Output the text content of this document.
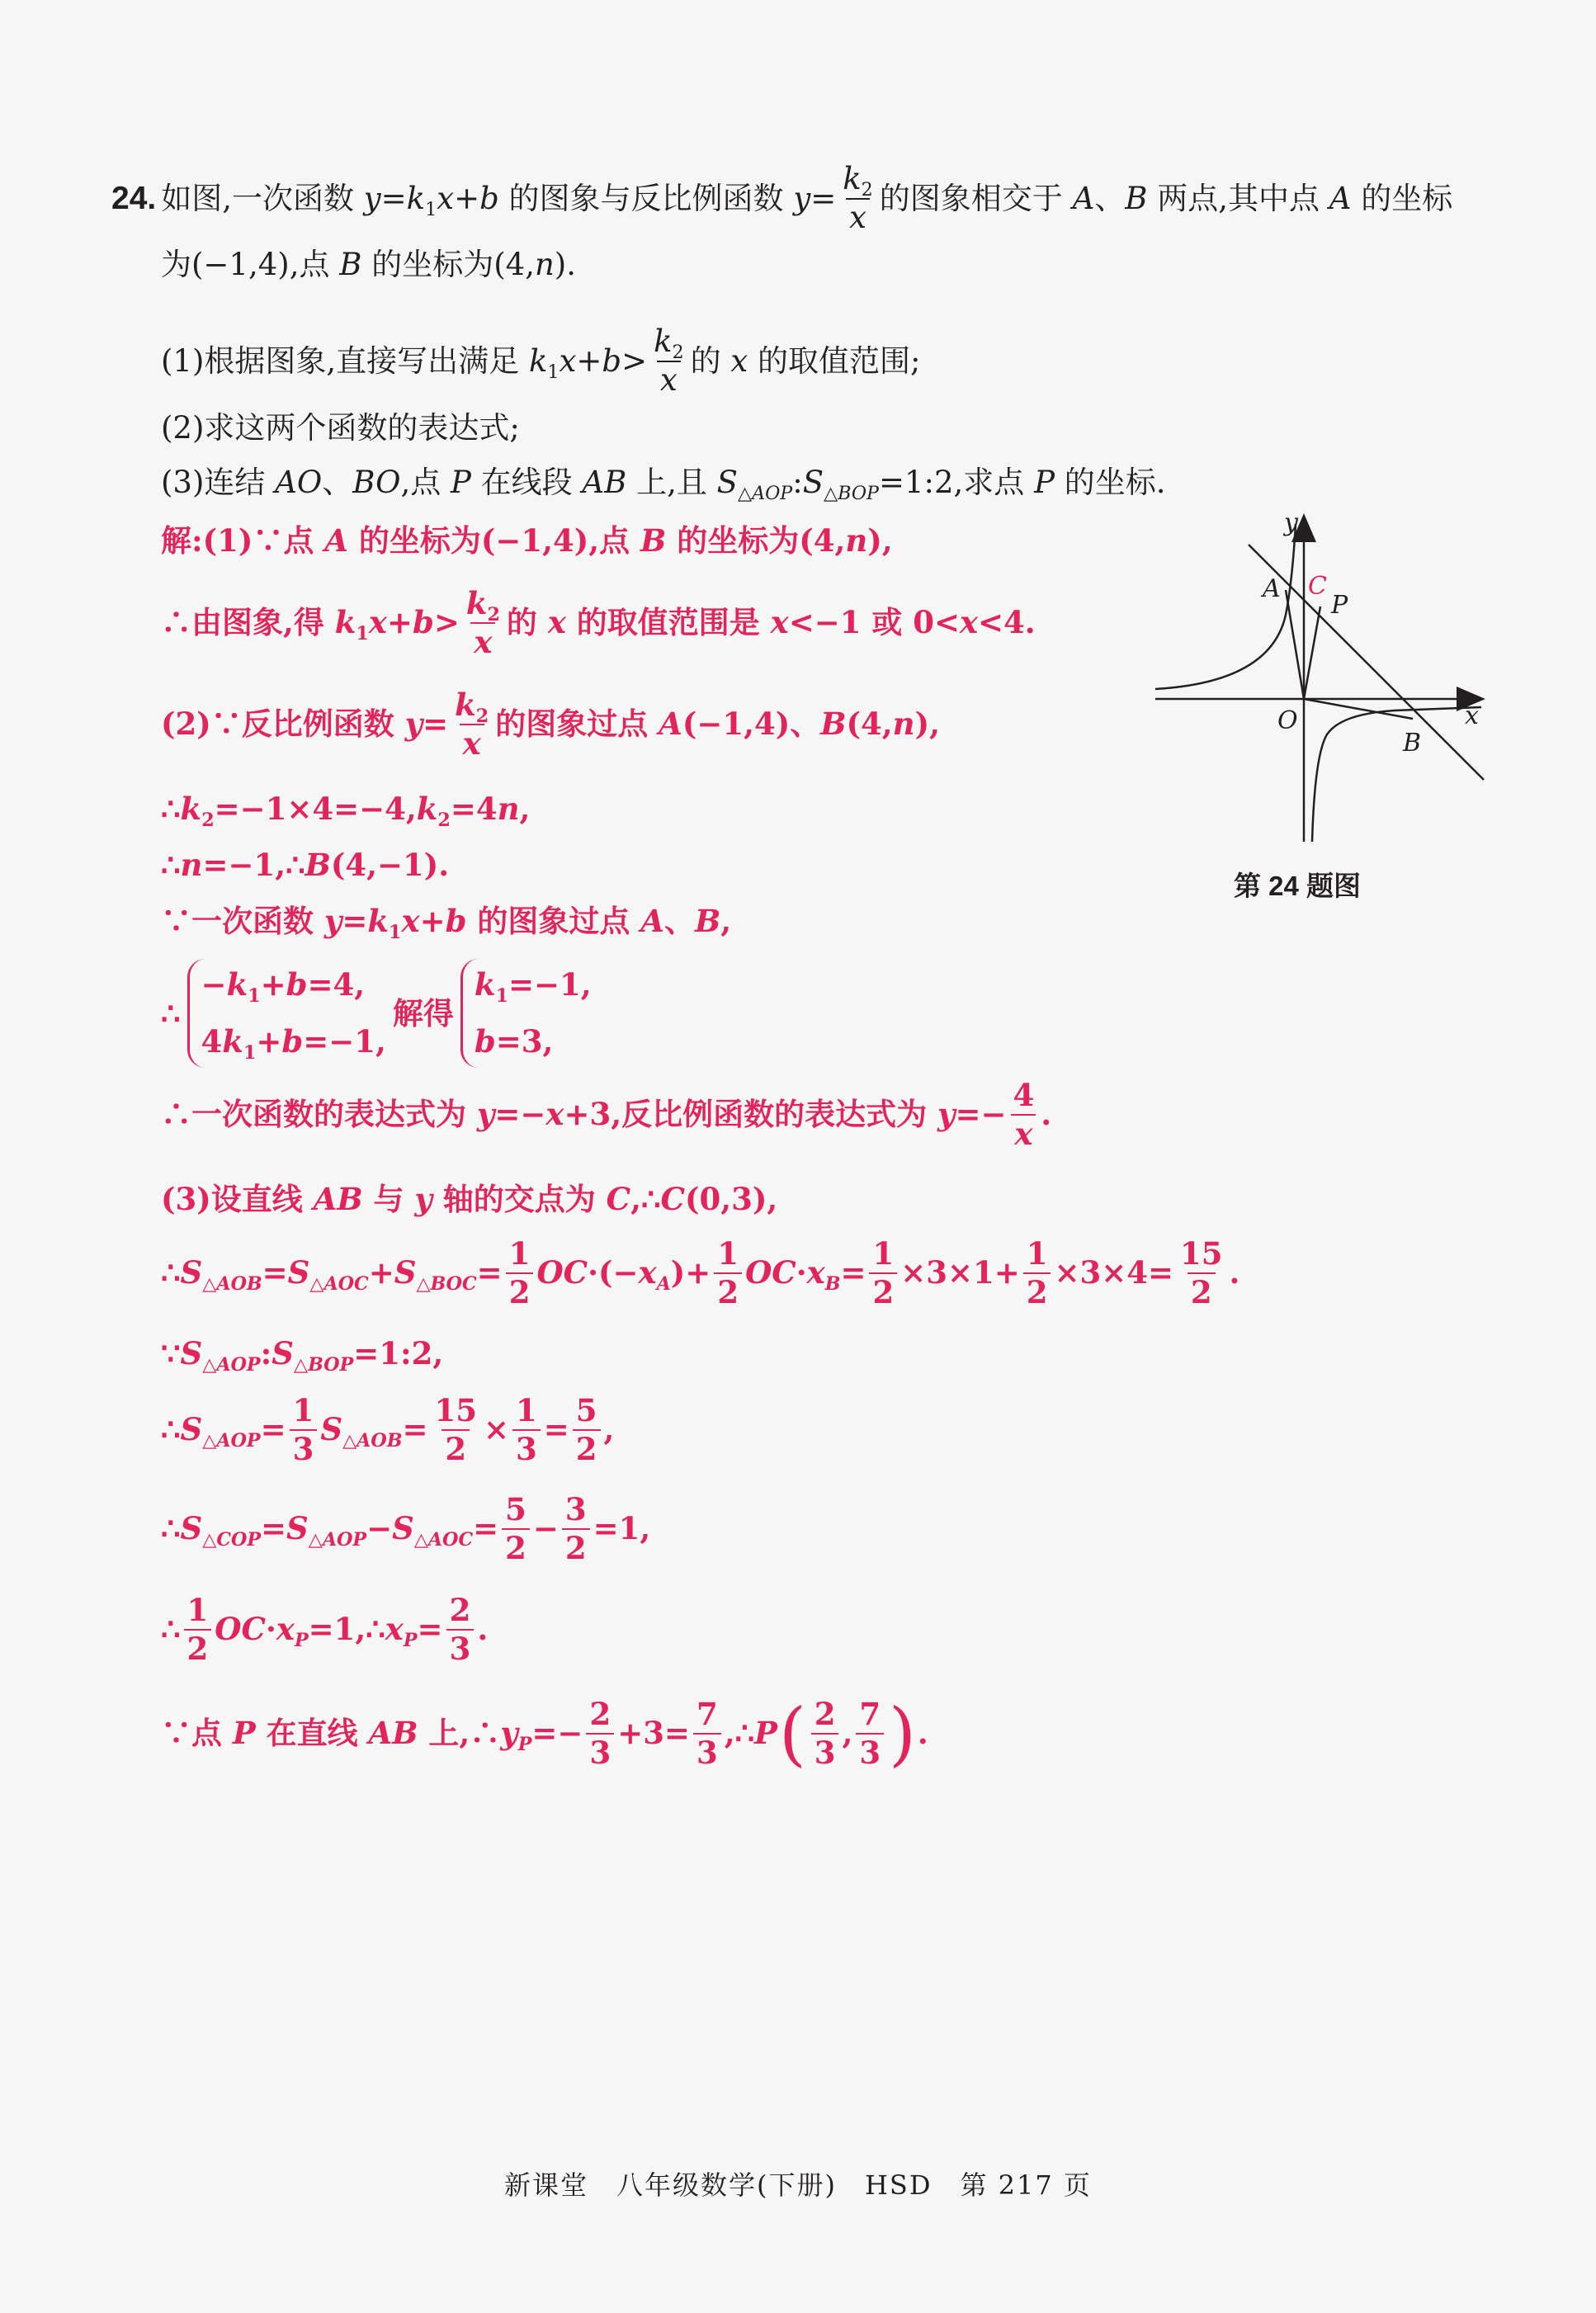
24. 如图,一次函数 $y=k_1x+b$ 的图象与反比例函数 $y= \frac{k_2}{x}$ 的图象相交于 A、B 两点,其中点 A 的坐标
为(−1,4),点 B 的坐标为(4,n).
(1)根据图象,直接写出满足 $k_1x+b> \frac{k_2}{x}$ 的 x 的取值范围;
(2)求这两个函数的表达式;
(3)连结 AO、BO,点 P 在线段 AB 上,且 $S_{\triangle AOP}:S_{\triangle BOP}=1:2$,求点 P 的坐标.
解:(1)∵点 A 的坐标为(−1,4),点 B 的坐标为(4,n),
∴由图象,得 $k_1x+b> \frac{k_2}{x}$ 的 x 的取值范围是 x<−1 或 0<x<4.
(2)∵反比例函数 $y= \frac{k_2}{x}$ 的图象过点 A(−1,4)、B(4,n),
$\therefore k_2=-1\times 4=-4,k_2=4n$,
∴n=−1,∴B(4,−1).
∵一次函数 $y=k_1x+b$ 的图象过点 A、B,
∴
$-k_1+b=4$,
$4k_1+b=-1$,
解得
$k_1=-1$,
b=3,
∴一次函数的表达式为 y=−x+3,反比例函数的表达式为 $y=- \frac{4}{x}$ .
(3)设直线 AB 与 y 轴的交点为 C,∴C(0,3),
$\therefore S_{\triangle AOB}=S_{\triangle AOC}+S_{\triangle BOC}= \frac{1}{2} OC\cdot(-x_A)+ \frac{1}{2} OC\cdot x_B= \frac{1}{2} \times 3\times 1+ \frac{1}{2} \times 3\times 4= \frac{15}{2}$ .
$\because S_{\triangle AOP}:S_{\triangle BOP}=1:2$,
$\therefore S_{\triangle AOP}= \frac{1}{3} S_{\triangle AOB}= \frac{15}{2} \times \frac{1}{3} = \frac{5}{2}$ ,
$\therefore S_{\triangle COP}=S_{\triangle AOP}-S_{\triangle AOC}= \frac{5}{2} - \frac{3}{2} =1$,
∴ $\frac{1}{2}$ $OC\cdot x_P=1,\therefore x_P= \frac{2}{3}$ .
∵点 P 在直线 AB 上$,\therefore y_P=- \frac{2}{3} +3= \frac{7}{3}$ ,∴P ( $\frac{2}{3}$ , $\frac{7}{3}$ ) .
y
x
O
A C
P
B
第 24 题图
新课堂　八年级数学(下册)　HSD　第 217 页
